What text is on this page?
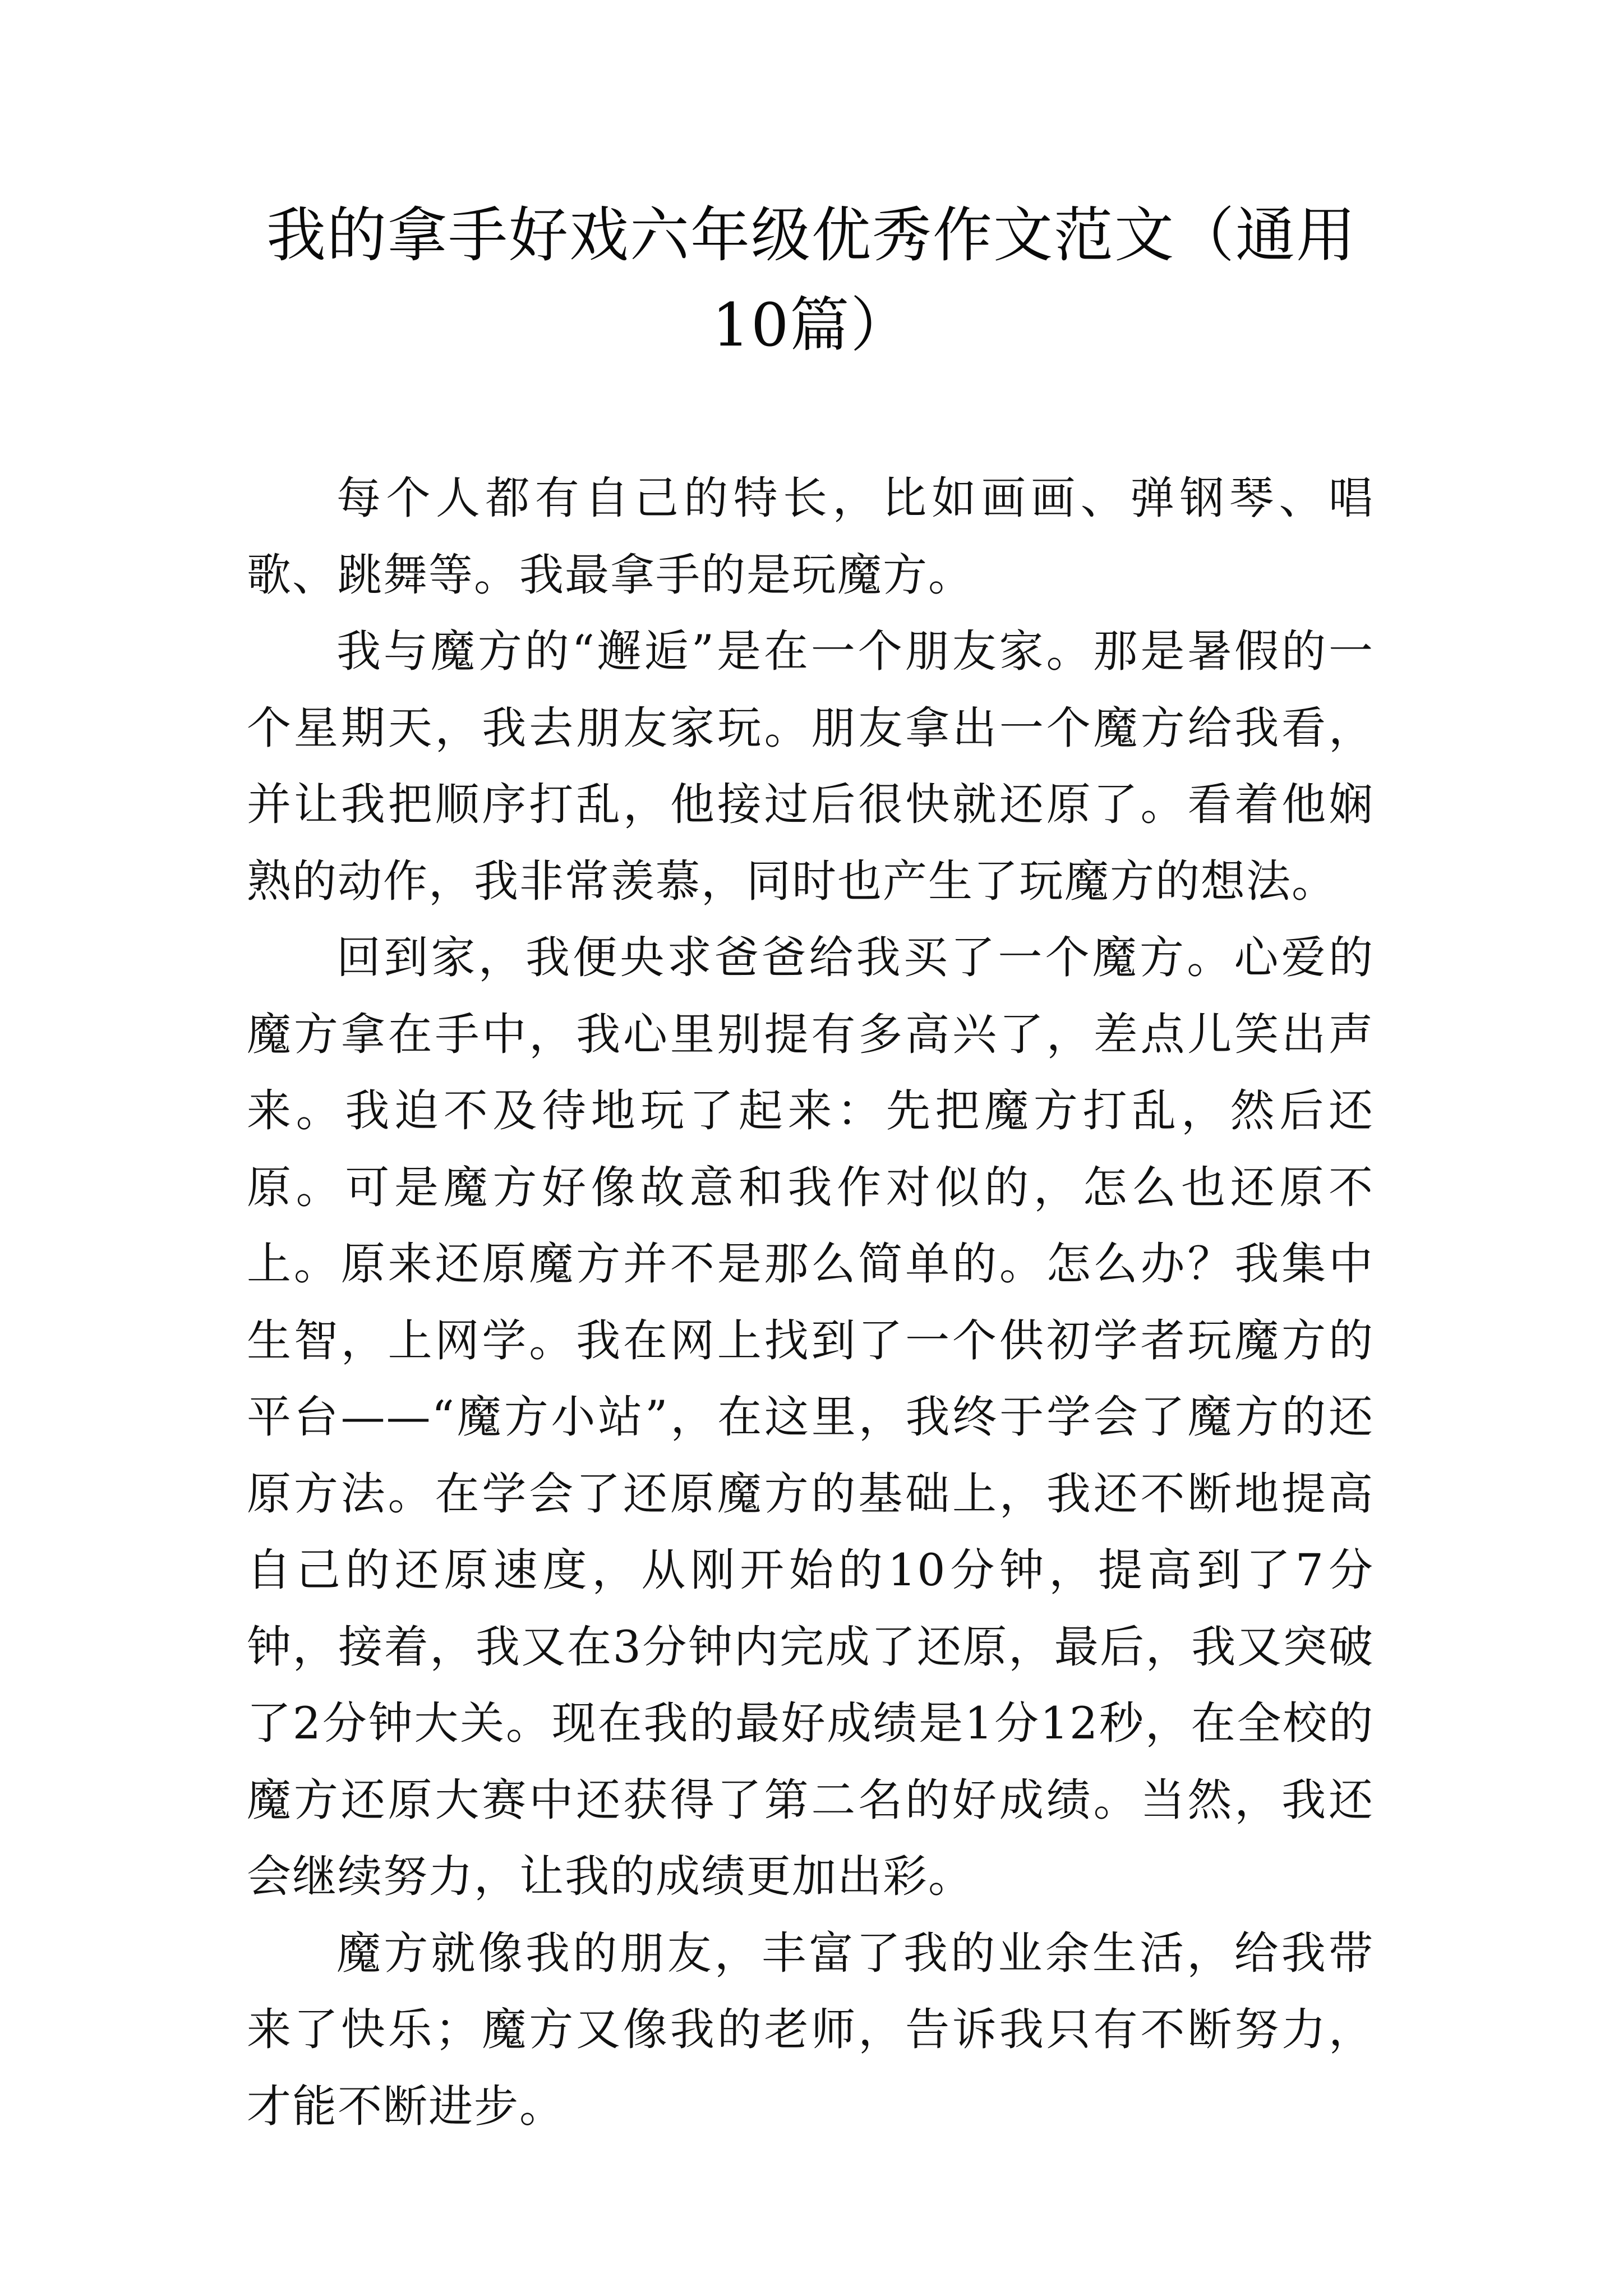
我的拿手好戏六年级优秀作文范文（通用10篇）

每个人都有自己的特长，比如画画、弹钢琴、唱歌、跳舞等。我最拿手的是玩魔方。

我与魔方的“邂逅”是在一个朋友家。那是暑假的一个星期天，我去朋友家玩。朋友拿出一个魔方给我看，并让我把顺序打乱，他接过后很快就还原了。看着他娴熟的动作，我非常羡慕，同时也产生了玩魔方的想法。

回到家，我便央求爸爸给我买了一个魔方。心爱的魔方拿在手中，我心里别提有多高兴了，差点儿笑出声来。我迫不及待地玩了起来：先把魔方打乱，然后还原。可是魔方好像故意和我作对似的，怎么也还原不上。原来还原魔方并不是那么简单的。怎么办？我集中生智，上网学。我在网上找到了一个供初学者玩魔方的平台——“魔方小站”，在这里，我终于学会了魔方的还原方法。在学会了还原魔方的基础上，我还不断地提高自己的还原速度，从刚开始的10分钟，提高到了7分钟，接着，我又在3分钟内完成了还原，最后，我又突破了2分钟大关。现在我的最好成绩是1分12秒，在全校的魔方还原大赛中还获得了第二名的好成绩。当然，我还会继续努力，让我的成绩更加出彩。

魔方就像我的朋友，丰富了我的业余生活，给我带来了快乐；魔方又像我的老师，告诉我只有不断努力，才能不断进步。
